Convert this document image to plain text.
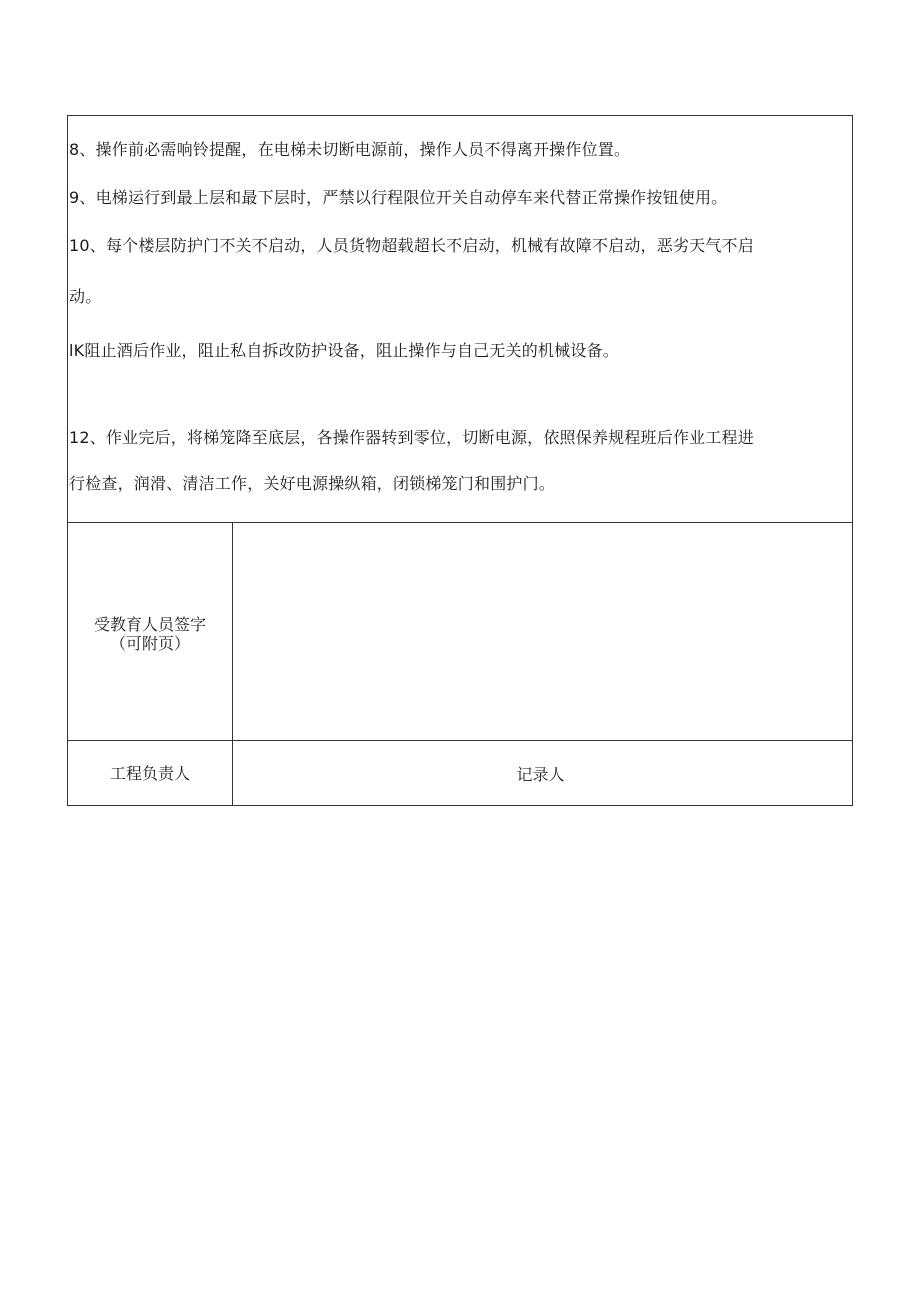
8、操作前必需响铃提醒，在电梯未切断电源前，操作人员不得离开操作位置。
9、电梯运行到最上层和最下层时，严禁以行程限位开关自动停车来代替正常操作按钮使用。
10、每个楼层防护门不关不启动，人员货物超载超长不启动，机械有故障不启动，恶劣天气不启
动。
lK阻止酒后作业，阻止私自拆改防护设备，阻止操作与自己无关的机械设备。
12、作业完后，将梯笼降至底层，各操作器转到零位，切断电源，依照保养规程班后作业工程进
行检查，润滑、清洁工作，关好电源操纵箱，闭锁梯笼门和围护门。
受教育人员签字
（可附页）
工程负责人	记录人
